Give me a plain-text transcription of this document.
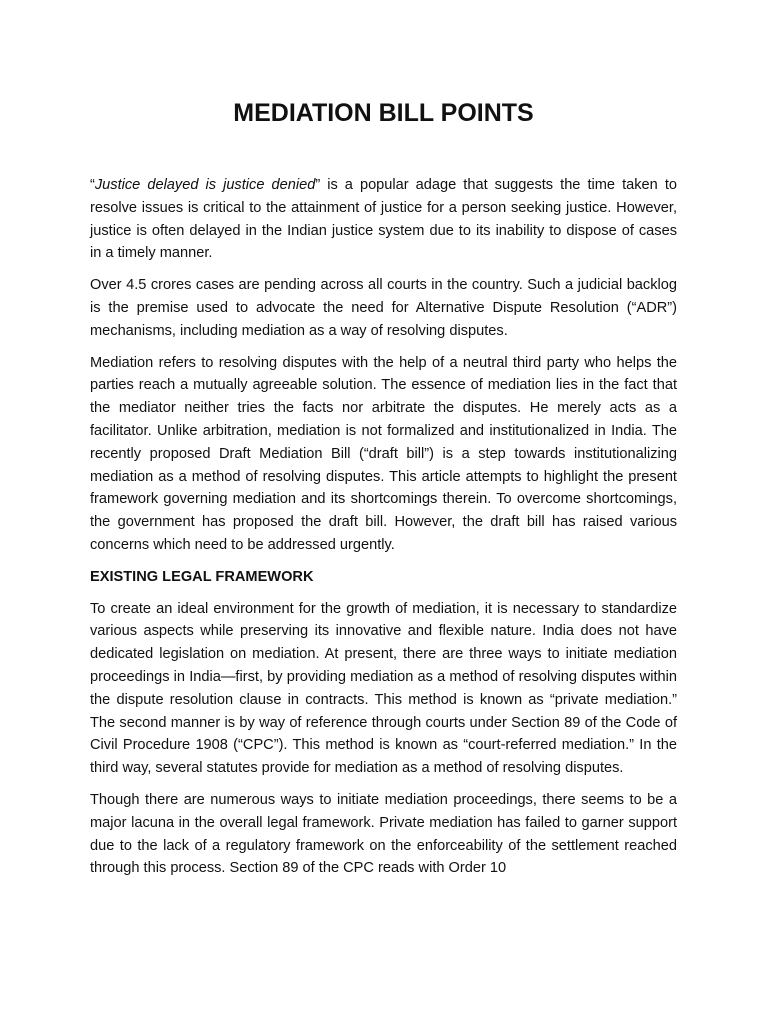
MEDIATION BILL POINTS

“Justice delayed is justice denied” is a popular adage that suggests the time taken to resolve issues is critical to the attainment of justice for a person seeking justice. However, justice is often delayed in the Indian justice system due to its inability to dispose of cases in a timely manner.

Over 4.5 crores cases are pending across all courts in the country. Such a judicial backlog is the premise used to advocate the need for Alternative Dispute Resolution (“ADR”) mechanisms, including mediation as a way of resolving disputes.

Mediation refers to resolving disputes with the help of a neutral third party who helps the parties reach a mutually agreeable solution. The essence of mediation lies in the fact that the mediator neither tries the facts nor arbitrate the disputes. He merely acts as a facilitator. Unlike arbitration, mediation is not formalized and institutionalized in India. The recently proposed Draft Mediation Bill (“draft bill”) is a step towards institutionalizing mediation as a method of resolving disputes. This article attempts to highlight the present framework governing mediation and its shortcomings therein. To overcome shortcomings, the government has proposed the draft bill. However, the draft bill has raised various concerns which need to be addressed urgently.

EXISTING LEGAL FRAMEWORK

To create an ideal environment for the growth of mediation, it is necessary to standardize various aspects while preserving its innovative and flexible nature. India does not have dedicated legislation on mediation. At present, there are three ways to initiate mediation proceedings in India—first, by providing mediation as a method of resolving disputes within the dispute resolution clause in contracts. This method is known as “private mediation.” The second manner is by way of reference through courts under Section 89 of the Code of Civil Procedure 1908 (“CPC”). This method is known as “court-referred mediation.” In the third way, several statutes provide for mediation as a method of resolving disputes.

Though there are numerous ways to initiate mediation proceedings, there seems to be a major lacuna in the overall legal framework. Private mediation has failed to garner support due to the lack of a regulatory framework on the enforceability of the settlement reached through this process. Section 89 of the CPC reads with Order 10
